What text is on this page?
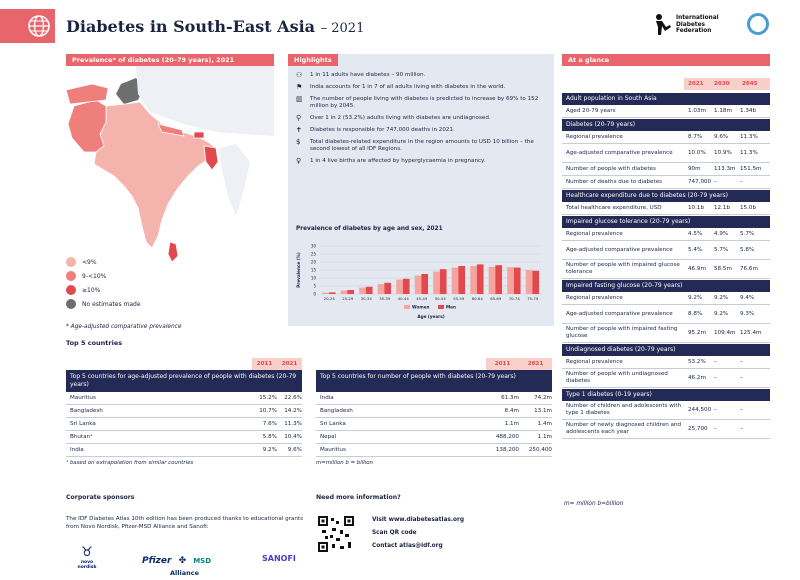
Diabetes in South-East Asia – 2021
International
Diabetes
Federation
Prevalence* of diabetes (20–79 years), 2021
<9%
9-<10%
≥10%
No estimates made
* Age-adjusted comparative prevalence
Highlights
⚇	1 in 11 adults have diabetes – 90 million.
⚑	India accounts for 1 in 7 of all adults living with diabetes in the world.
▥	The number of people living with diabetes is predicted to increase by 69% to 152 million by 2045.
⚲	Over 1 in 2 (53.2%) adults living with diabetes are undiagnosed.
✝	Diabetes is responsible for 747,000 deaths in 2021.
$	Total diabetes-related expenditure in the region amounts to USD 10 billion – the second lowest of all IDF Regions.
♀	1 in 4 live births are affected by hyperglycaemia in pregnancy.
Prevalence of diabetes by age and sex, 2021
0
5
10
15
20
25
30
20-24 25-29 30-34 35-39 40-44 45-49 50-54 55-59 60-64 65-69 70-74 75-79
Prevalence (%)
Women	Men
Age (years)
At a glance
2021	2030	2045
Adult population in South Asia
Aged 20-79 years	1.03m	1.18m	1.34b
Diabetes (20-79 years)
Regional prevalence	8.7%	9.6%	11.3%
Age-adjusted comparative prevalence	10.0%	10.9%	11.3%
Number of people with diabetes	90m	113.3m 151.5m
Number of deaths due to diabetes	747,000 –	–
Healthcare expenditure due to diabetes (20-79 years)
Total healthcare expenditure, USD	10.1b	12.1b	15.0b
Impaired glucose tolerance (20-79 years)
Regional prevalence	4.5%	4.9%	5.7%
Age-adjusted comparative prevalence	5.4%	5.7%	5.8%
Number of people with impaired glucose tolerance	46.9m	58.5m	76.6m
Impaired fasting glucose (20-79 years)
Regional prevalence	9.2%	9.2%	9.4%
Age-adjusted comparative prevalence	8.8%	9.2%	9.3%
Number of people with impaired fasting glucose	95.2m	109.4m 125.4m
Undiagnosed diabetes (20-79 years)
Regional prevalence	53.2%	–	–
Number of people with undiagnosed diabetes	46.2m	–	–
Type 1 diabetes (0-19 years)
Number of children and adolescents with type 1 diabetes	244,500 –	–
Number of newly diagnosed children and adolescents each year	25,700	–	–
m= million b=billion
Top 5 countries
2011	2021
Top 5 countries for age-adjusted prevalence of people with diabetes (20-79 years)
Mauritius	15.2%	22.6%
Bangladesh	10.7%	14.2%
Sri Lanka	7.6%	11.3%
Bhutan¹	5.8%	10.4%
India	9.2%	9.6%
¹ based on extrapolation from similar countries
2011	2021
Top 5 countries for number of people with diabetes (20-79 years)
India	61.3m	74.2m
Bangladesh	8.4m	13.1m
Sri Lanka	1.1m	1.4m
Nepal	488,200	1.1m
Mauritius	138,200	250,400
m=million b = billion
Corporate sponsors
The IDF Diabetes Atlas 10th edition has been produced thanks to educational grants from Novo Nordisk, Pfizer-MSD Alliance and Sanofi:
♉
novo nordisk
Pfizer ✤ MSD
Alliance
SANOFI
Need more information?
Visit www.diabetesatlas.org
Scan QR code
Contact atlas@idf.org
